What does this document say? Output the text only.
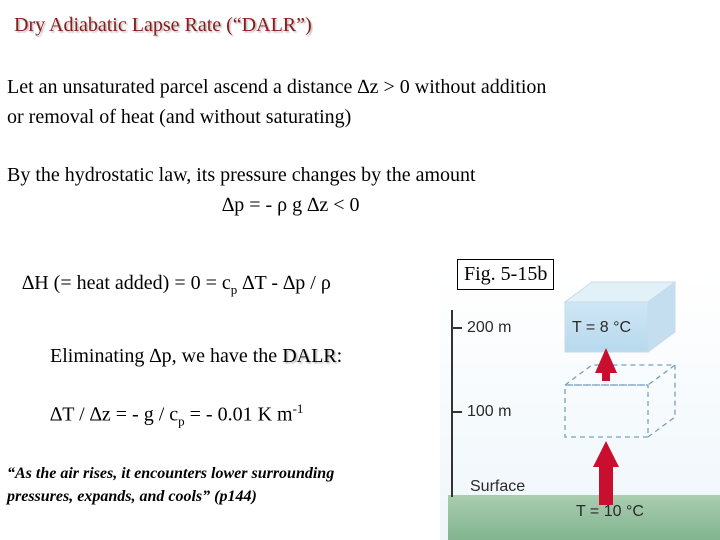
Dry Adiabatic Lapse Rate (“DALR”)
Let an unsaturated parcel ascend a distance ∆z > 0 without addition
or removal of heat (and without saturating)
By the hydrostatic law, its pressure changes by the amount
∆p = - ρ g ∆z < 0
∆H (= heat added) = $0 = c_p$ ∆T - ∆p / ρ
Eliminating ∆p, we have the DALR:
∆T / ∆z = - g / $c_p$ = - 0.01 K $m^{-1}$
“As the air rises, it encounters lower surrounding
pressures, expands, and cools” (p144)
200 m
100 m
Surface
T = 8 °C
T = 10 °C
Fig. 5-15b
